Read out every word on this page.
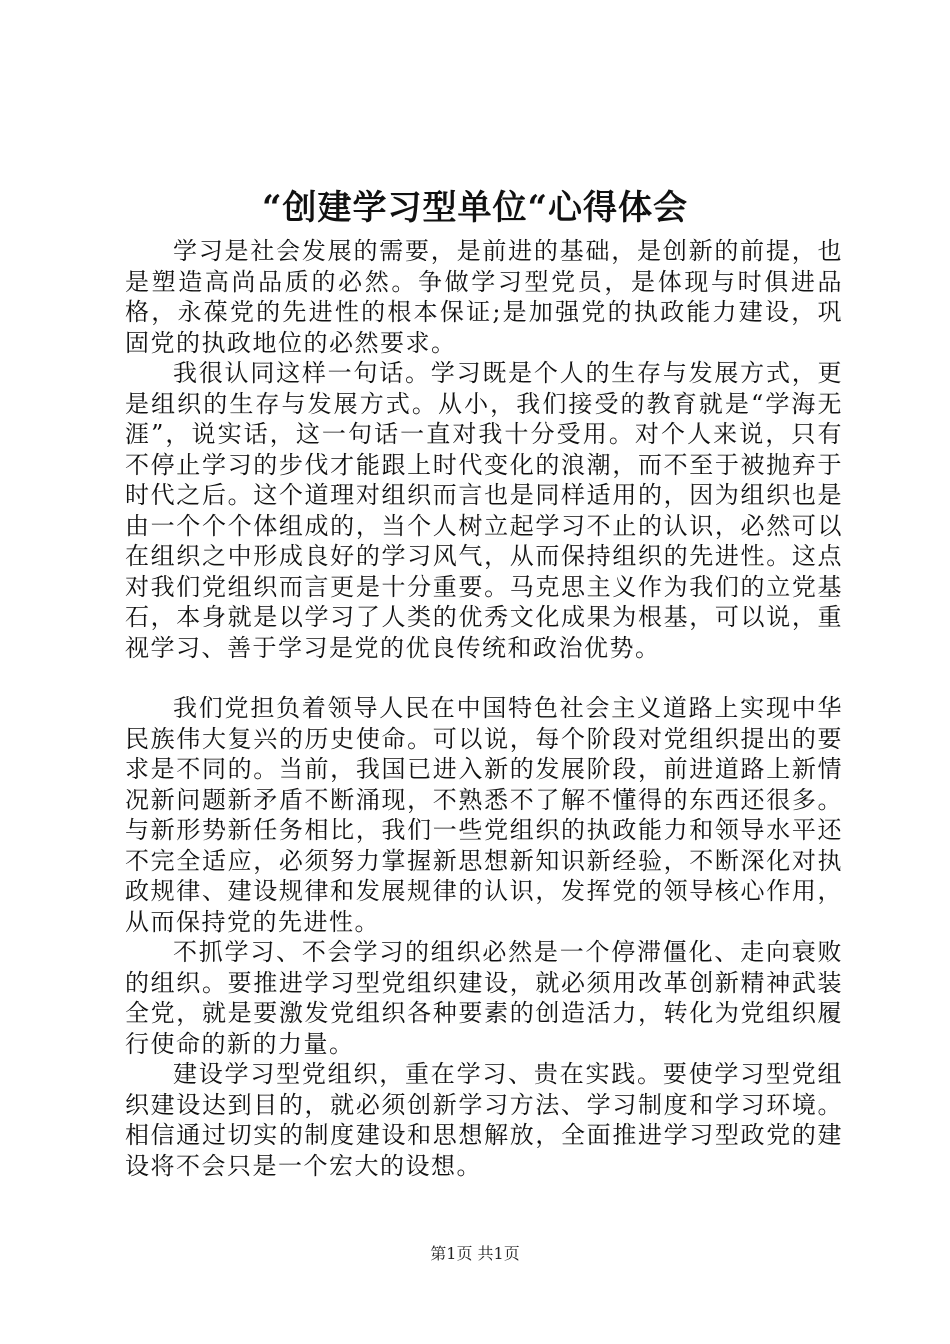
“创建学习型单位“心得体会

学习是社会发展的需要，是前进的基础，是创新的前提，也是塑造高尚品质的必然。争做学习型党员，是体现与时俱进品格，永葆党的先进性的根本保证;是加强党的执政能力建设，巩固党的执政地位的必然要求。

我很认同这样一句话。学习既是个人的生存与发展方式，更是组织的生存与发展方式。从小，我们接受的教育就是“学海无涯”，说实话，这一句话一直对我十分受用。对个人来说，只有不停止学习的步伐才能跟上时代变化的浪潮，而不至于被抛弃于时代之后。这个道理对组织而言也是同样适用的，因为组织也是由一个个个体组成的，当个人树立起学习不止的认识，必然可以在组织之中形成良好的学习风气，从而保持组织的先进性。这点对我们党组织而言更是十分重要。马克思主义作为我们的立党基石，本身就是以学习了人类的优秀文化成果为根基，可以说，重视学习、善于学习是党的优良传统和政治优势。

我们党担负着领导人民在中国特色社会主义道路上实现中华民族伟大复兴的历史使命。可以说，每个阶段对党组织提出的要求是不同的。当前，我国已进入新的发展阶段，前进道路上新情况新问题新矛盾不断涌现，不熟悉不了解不懂得的东西还很多。与新形势新任务相比，我们一些党组织的执政能力和领导水平还不完全适应，必须努力掌握新思想新知识新经验，不断深化对执政规律、建设规律和发展规律的认识，发挥党的领导核心作用，从而保持党的先进性。

不抓学习、不会学习的组织必然是一个停滞僵化、走向衰败的组织。要推进学习型党组织建设，就必须用改革创新精神武装全党，就是要激发党组织各种要素的创造活力，转化为党组织履行使命的新的力量。

建设学习型党组织，重在学习、贵在实践。要使学习型党组织建设达到目的，就必须创新学习方法、学习制度和学习环境。相信通过切实的制度建设和思想解放，全面推进学习型政党的建设将不会只是一个宏大的设想。

第1页 共1页
